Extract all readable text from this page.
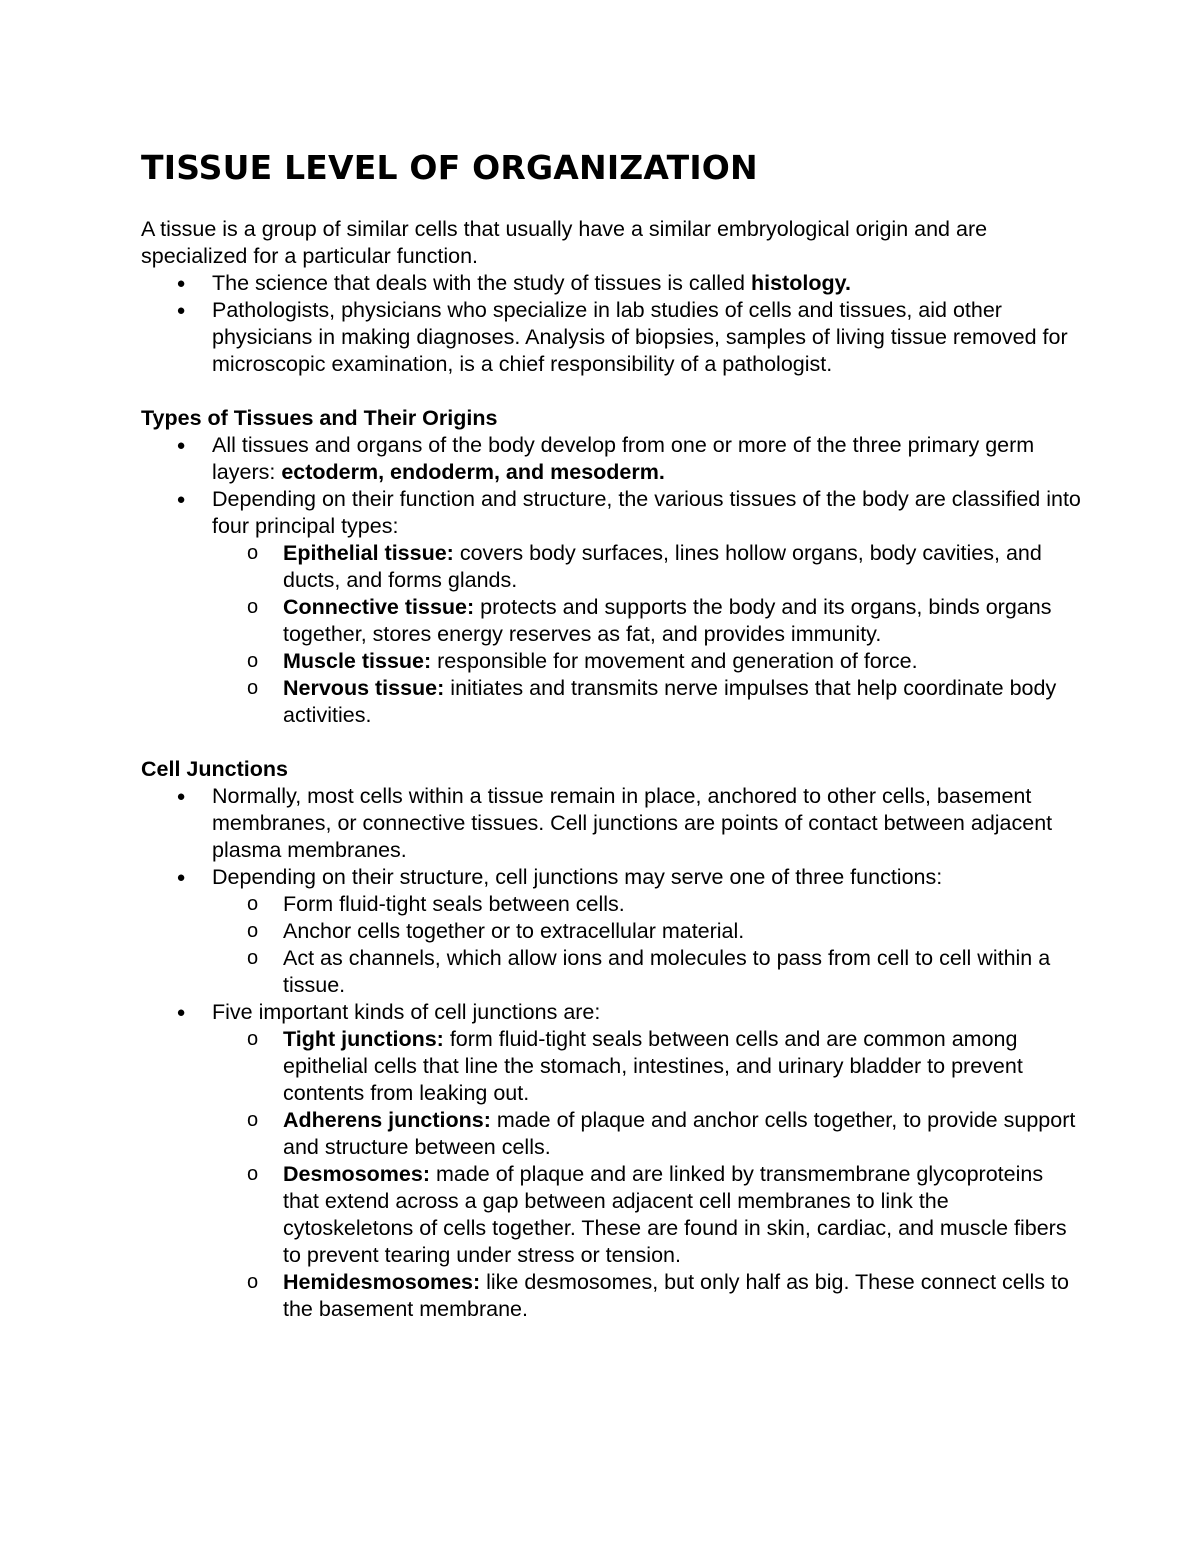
TISSUE LEVEL OF ORGANIZATION

A tissue is a group of similar cells that usually have a similar embryological origin and are specialized for a particular function.

● The science that deals with the study of tissues is called histology.
● Pathologists, physicians who specialize in lab studies of cells and tissues, aid other physicians in making diagnoses. Analysis of biopsies, samples of living tissue removed for microscopic examination, is a chief responsibility of a pathologist.
Types of Tissues and Their Origins
● All tissues and organs of the body develop from one or more of the three primary germ layers: ectoderm, endoderm, and mesoderm.
● Depending on their function and structure, the various tissues of the body are classified into four principal types:
o Epithelial tissue: covers body surfaces, lines hollow organs, body cavities, and ducts, and forms glands.
o Connective tissue: protects and supports the body and its organs, binds organs together, stores energy reserves as fat, and provides immunity.
o Muscle tissue: responsible for movement and generation of force.
o Nervous tissue: initiates and transmits nerve impulses that help coordinate body activities.
Cell Junctions
● Normally, most cells within a tissue remain in place, anchored to other cells, basement membranes, or connective tissues. Cell junctions are points of contact between adjacent plasma membranes.
● Depending on their structure, cell junctions may serve one of three functions:
o Form fluid-tight seals between cells.
o Anchor cells together or to extracellular material.
o Act as channels, which allow ions and molecules to pass from cell to cell within a tissue.
● Five important kinds of cell junctions are:
o Tight junctions: form fluid-tight seals between cells and are common among epithelial cells that line the stomach, intestines, and urinary bladder to prevent contents from leaking out.
o Adherens junctions: made of plaque and anchor cells together, to provide support and structure between cells.
o Desmosomes: made of plaque and are linked by transmembrane glycoproteins that extend across a gap between adjacent cell membranes to link the cytoskeletons of cells together. These are found in skin, cardiac, and muscle fibers to prevent tearing under stress or tension.
o Hemidesmosomes: like desmosomes, but only half as big. These connect cells to the basement membrane.
